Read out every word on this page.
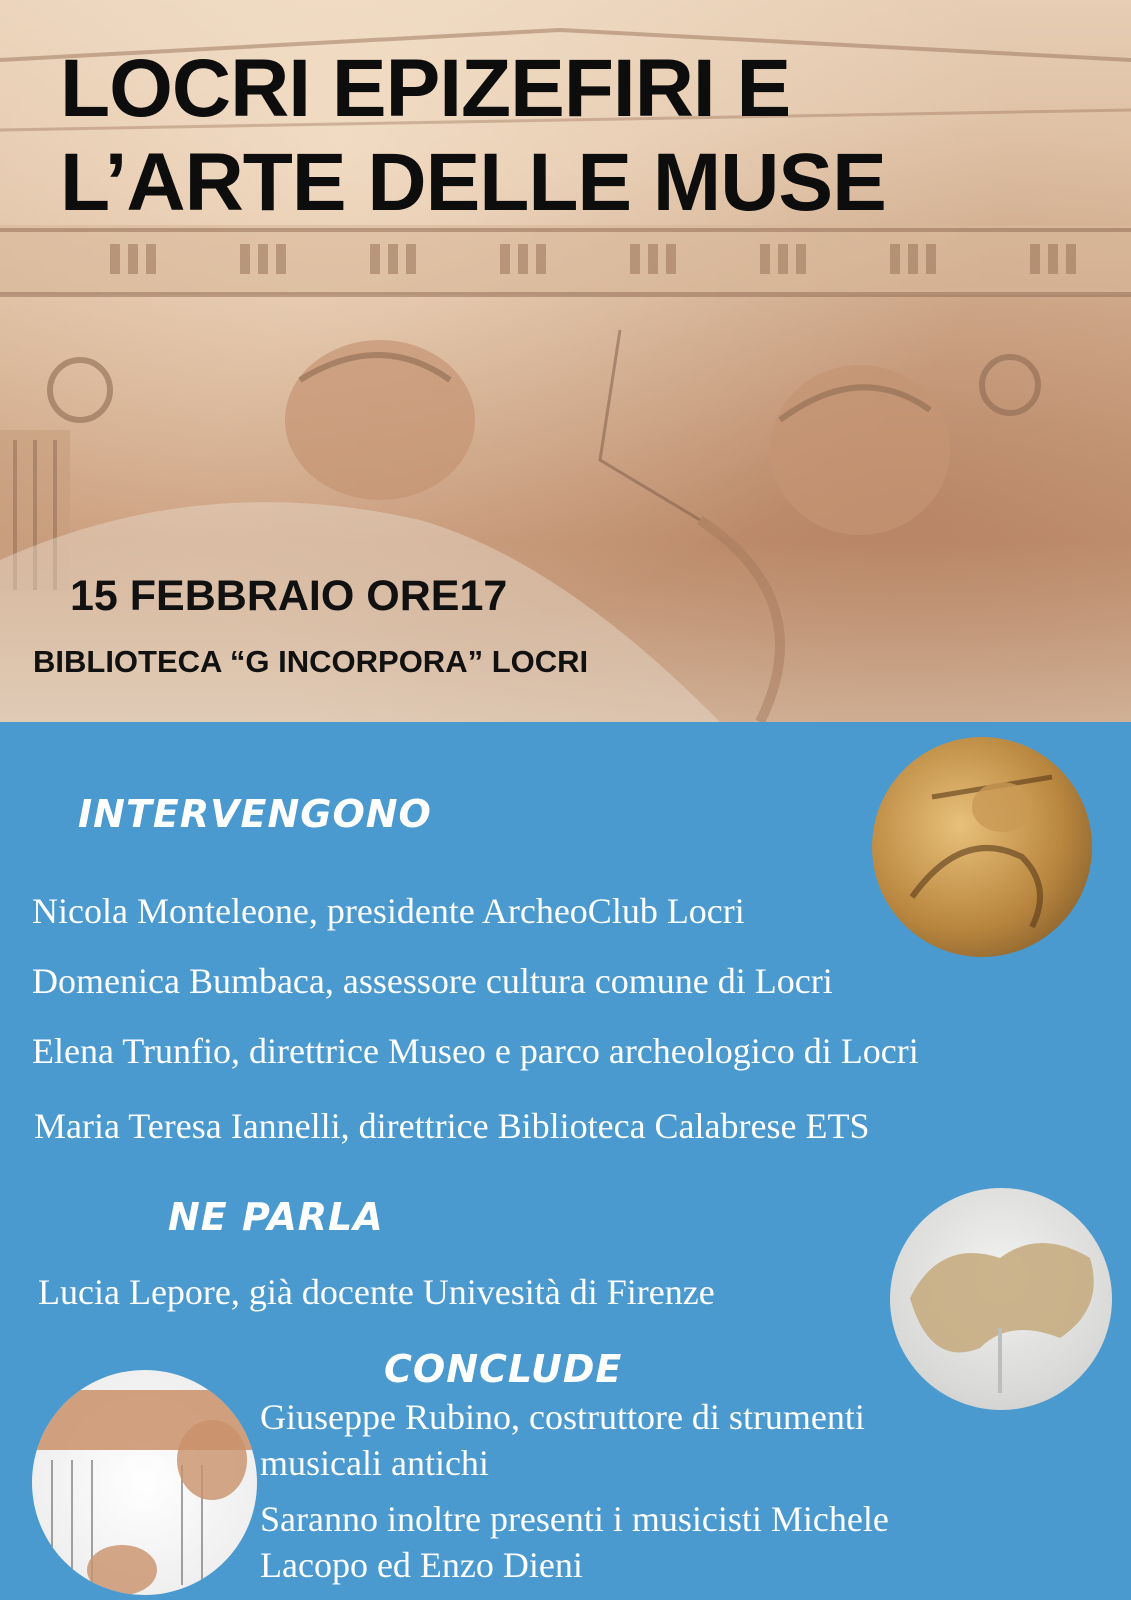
LOCRI EPIZEFIRI E
L’ARTE DELLE MUSE
15 FEBBRAIO ORE17
BIBLIOTECA “G INCORPORA” LOCRI
INTERVENGONO
Nicola Monteleone, presidente ArcheoClub Locri
Domenica Bumbaca, assessore cultura comune di Locri
Elena Trunfio, direttrice Museo e parco archeologico di Locri
Maria Teresa Iannelli, direttrice Biblioteca Calabrese ETS
NE PARLA
Lucia Lepore, già docente Univesità di Firenze
CONCLUDE
Giuseppe Rubino, costruttore di strumenti
musicali antichi
Saranno inoltre presenti i musicisti Michele
Lacopo ed Enzo Dieni
